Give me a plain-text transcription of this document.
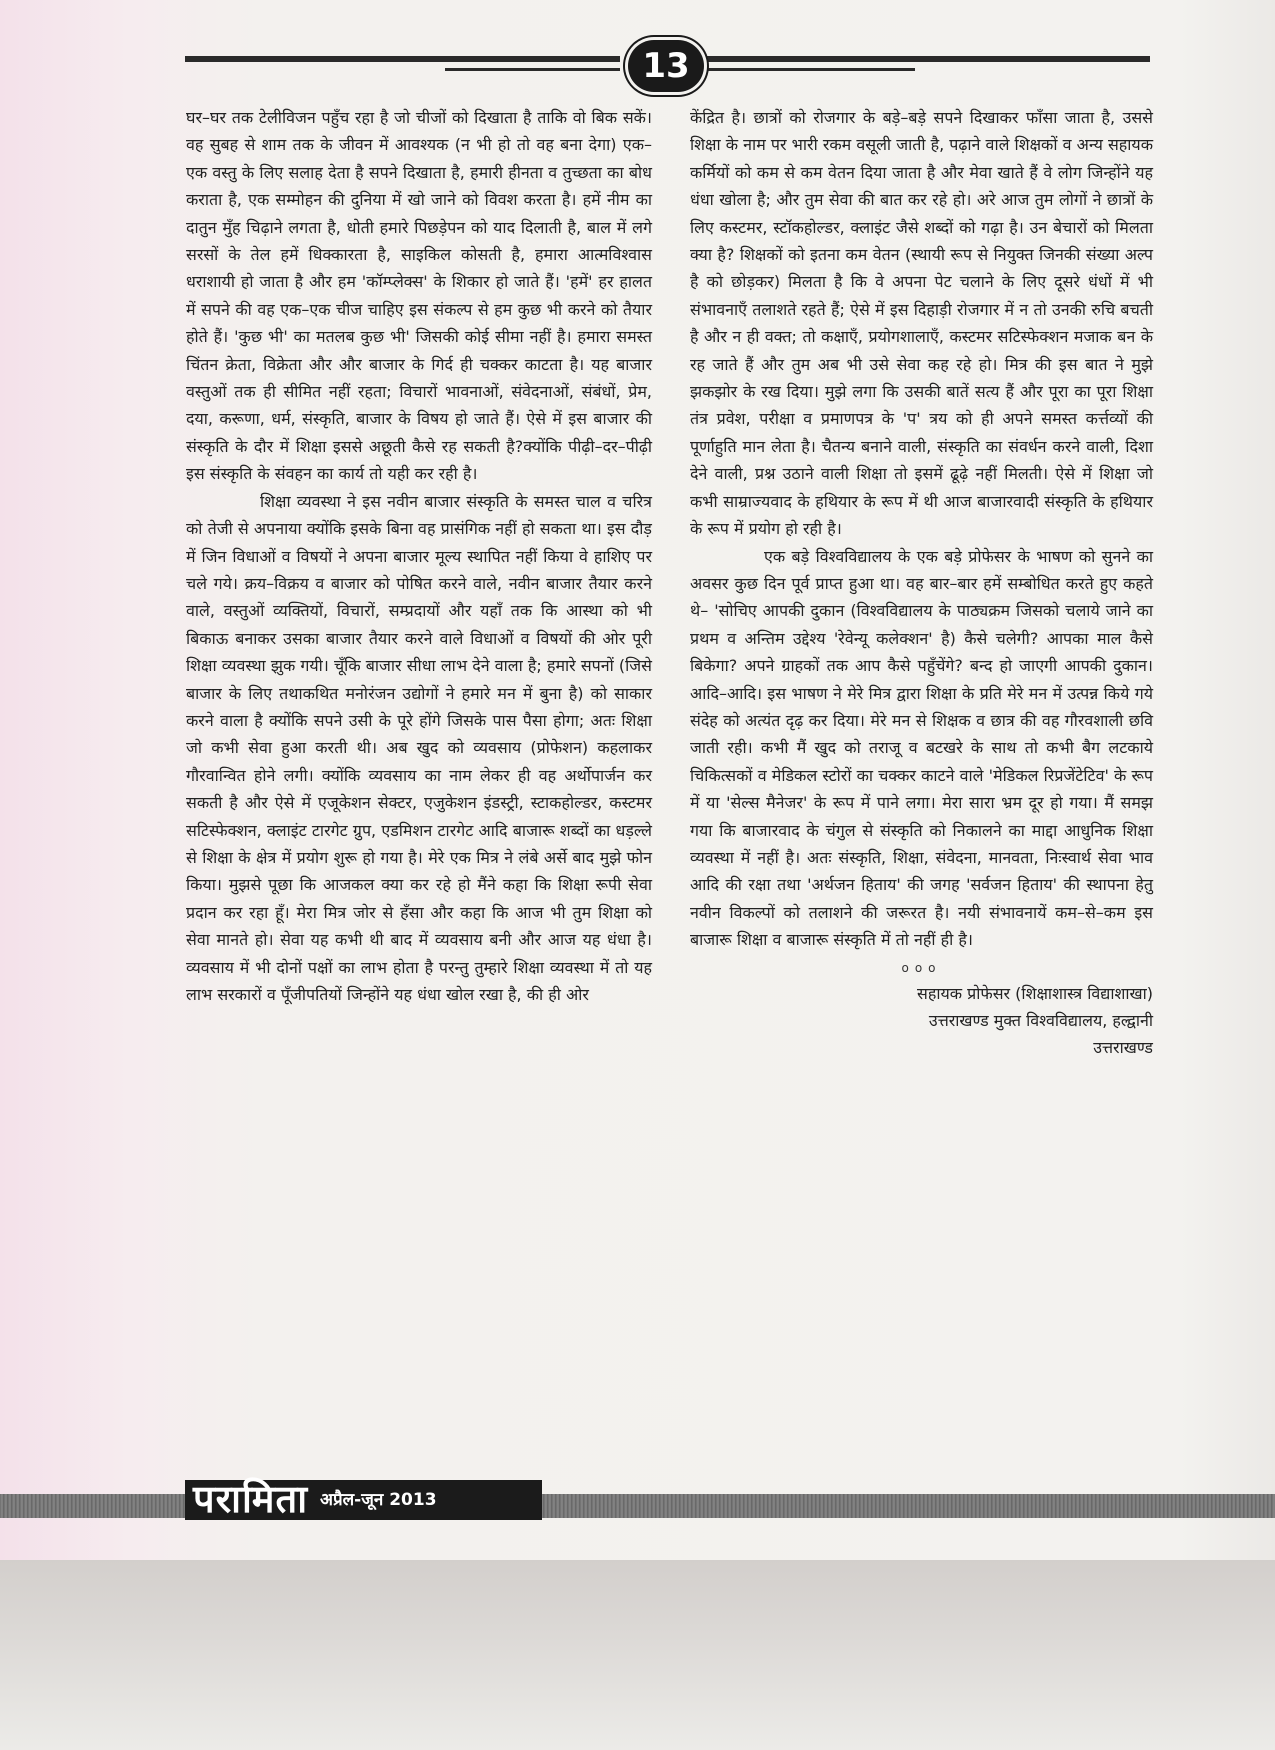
13

घर–घर तक टेलीविजन पहुँच रहा है जो चीजों को दिखाता है ताकि वो बिक सकें। वह सुबह से शाम तक के जीवन में आवश्यक (न भी हो तो वह बना देगा) एक–एक वस्तु के लिए सलाह देता है सपने दिखाता है, हमारी हीनता व तुच्छता का बोध कराता है, एक सम्मोहन की दुनिया में खो जाने को विवश करता है। हमें नीम का दातुन मुँह चिढ़ाने लगता है, धोती हमारे पिछड़ेपन को याद दिलाती है, बाल में लगे सरसों के तेल हमें धिक्कारता है, साइकिल कोसती है, हमारा आत्मविश्वास धराशायी हो जाता है और हम 'कॉम्प्लेक्स' के शिकार हो जाते हैं। 'हमें' हर हालत में सपने की वह एक–एक चीज चाहिए इस संकल्प से हम कुछ भी करने को तैयार होते हैं। 'कुछ भी' का मतलब कुछ भी' जिसकी कोई सीमा नहीं है। हमारा समस्त चिंतन क्रेता, विक्रेता और और बाजार के गिर्द ही चक्कर काटता है। यह बाजार वस्तुओं तक ही सीमित नहीं रहता; विचारों भावनाओं, संवेदनाओं, संबंधों, प्रेम, दया, करूणा, धर्म, संस्कृति, बाजार के विषय हो जाते हैं। ऐसे में इस बाजार की संस्कृति के दौर में शिक्षा इससे अछूती कैसे रह सकती है?क्योंकि पीढ़ी–दर–पीढ़ी इस संस्कृति के संवहन का कार्य तो यही कर रही है।

शिक्षा व्यवस्था ने इस नवीन बाजार संस्कृति के समस्त चाल व चरित्र को तेजी से अपनाया क्योंकि इसके बिना वह प्रासंगिक नहीं हो सकता था। इस दौड़ में जिन विधाओं व विषयों ने अपना बाजार मूल्य स्थापित नहीं किया वे हाशिए पर चले गये। क्रय–विक्रय व बाजार को पोषित करने वाले, नवीन बाजार तैयार करने वाले, वस्तुओं व्यक्तियों, विचारों, सम्प्रदायों और यहाँ तक कि आस्था को भी बिकाऊ बनाकर उसका बाजार तैयार करने वाले विधाओं व विषयों की ओर पूरी शिक्षा व्यवस्था झुक गयी। चूँकि बाजार सीधा लाभ देने वाला है; हमारे सपनों (जिसे बाजार के लिए तथाकथित मनोरंजन उद्योगों ने हमारे मन में बुना है) को साकार करने वाला है क्योंकि सपने उसी के पूरे होंगे जिसके पास पैसा होगा; अतः शिक्षा जो कभी सेवा हुआ करती थी। अब खुद को व्यवसाय (प्रोफेशन) कहलाकर गौरवान्वित होने लगी। क्योंकि व्यवसाय का नाम लेकर ही वह अर्थोपार्जन कर सकती है और ऐसे में एजूकेशन सेक्टर, एजुकेशन इंडस्ट्री, स्टाकहोल्डर, कस्टमर सटिस्फेक्शन, क्लाइंट टारगेट ग्रुप, एडमिशन टारगेट आदि बाजारू शब्दों का धड़ल्ले से शिक्षा के क्षेत्र में प्रयोग शुरू हो गया है। मेरे एक मित्र ने लंबे अर्से बाद मुझे फोन किया। मुझसे पूछा कि आजकल क्या कर रहे हो मैंने कहा कि शिक्षा रूपी सेवा प्रदान कर रहा हूँ। मेरा मित्र जोर से हँसा और कहा कि आज भी तुम शिक्षा को सेवा मानते हो। सेवा यह कभी थी बाद में व्यवसाय बनी और आज यह धंधा है। व्यवसाय में भी दोनों पक्षों का लाभ होता है परन्तु तुम्हारे शिक्षा व्यवस्था में तो यह लाभ सरकारों व पूँजीपतियों जिन्होंने यह धंधा खोल रखा है, की ही ओर

केंद्रित है। छात्रों को रोजगार के बड़े–बड़े सपने दिखाकर फाँसा जाता है, उससे शिक्षा के नाम पर भारी रकम वसूली जाती है, पढ़ाने वाले शिक्षकों व अन्य सहायक कर्मियों को कम से कम वेतन दिया जाता है और मेवा खाते हैं वे लोग जिन्होंने यह धंधा खोला है; और तुम सेवा की बात कर रहे हो। अरे आज तुम लोगों ने छात्रों के लिए कस्टमर, स्टॉकहोल्डर, क्लाइंट जैसे शब्दों को गढ़ा है। उन बेचारों को मिलता क्या है? शिक्षकों को इतना कम वेतन (स्थायी रूप से नियुक्त जिनकी संख्या अल्प है को छोड़कर) मिलता है कि वे अपना पेट चलाने के लिए दूसरे धंधों में भी संभावनाएँ तलाशते रहते हैं; ऐसे में इस दिहाड़ी रोजगार में न तो उनकी रुचि बचती है और न ही वक्त; तो कक्षाएँ, प्रयोगशालाएँ, कस्टमर सटिस्फेक्शन मजाक बन के रह जाते हैं और तुम अब भी उसे सेवा कह रहे हो। मित्र की इस बात ने मुझे झकझोर के रख दिया। मुझे लगा कि उसकी बातें सत्य हैं और पूरा का पूरा शिक्षा तंत्र प्रवेश, परीक्षा व प्रमाणपत्र के 'प' त्रय को ही अपने समस्त कर्त्तव्यों की पूर्णाहुति मान लेता है। चैतन्य बनाने वाली, संस्कृति का संवर्धन करने वाली, दिशा देने वाली, प्रश्न उठाने वाली शिक्षा तो इसमें ढूढ़े नहीं मिलती। ऐसे में शिक्षा जो कभी साम्राज्यवाद के हथियार के रूप में थी आज बाजारवादी संस्कृति के हथियार के रूप में प्रयोग हो रही है।

एक बड़े विश्वविद्यालय के एक बड़े प्रोफेसर के भाषण को सुनने का अवसर कुछ दिन पूर्व प्राप्त हुआ था। वह बार–बार हमें सम्बोधित करते हुए कहते थे– 'सोचिए आपकी दुकान (विश्वविद्यालय के पाठ्यक्रम जिसको चलाये जाने का प्रथम व अन्तिम उद्देश्य 'रेवेन्यू कलेक्शन' है) कैसे चलेगी? आपका माल कैसे बिकेगा? अपने ग्राहकों तक आप कैसे पहुँचेंगे? बन्द हो जाएगी आपकी दुकान। आदि–आदि। इस भाषण ने मेरे मित्र द्वारा शिक्षा के प्रति मेरे मन में उत्पन्न किये गये संदेह को अत्यंत दृढ़ कर दिया। मेरे मन से शिक्षक व छात्र की वह गौरवशाली छवि जाती रही। कभी मैं खुद को तराजू व बटखरे के साथ तो कभी बैग लटकाये चिकित्सकों व मेडिकल स्टोरों का चक्कर काटने वाले 'मेडिकल रिप्रजेंटेटिव' के रूप में या 'सेल्स मैनेजर' के रूप में पाने लगा। मेरा सारा भ्रम दूर हो गया। मैं समझ गया कि बाजारवाद के चंगुल से संस्कृति को निकालने का माद्दा आधुनिक शिक्षा व्यवस्था में नहीं है। अतः संस्कृति, शिक्षा, संवेदना, मानवता, निःस्वार्थ सेवा भाव आदि की रक्षा तथा 'अर्थजन हिताय' की जगह 'सर्वजन हिताय' की स्थापना हेतु नवीन विकल्पों को तलाशने की जरूरत है। नयी संभावनायें कम–से–कम इस बाजारू शिक्षा व बाजारू संस्कृति में तो नहीं ही है।

ooo

सहायक प्रोफेसर (शिक्षाशास्त्र विद्याशाखा)

उत्तराखण्ड मुक्त विश्वविद्यालय, हल्द्वानी

उत्तराखण्ड

परामिता अप्रैल-जून 2013
